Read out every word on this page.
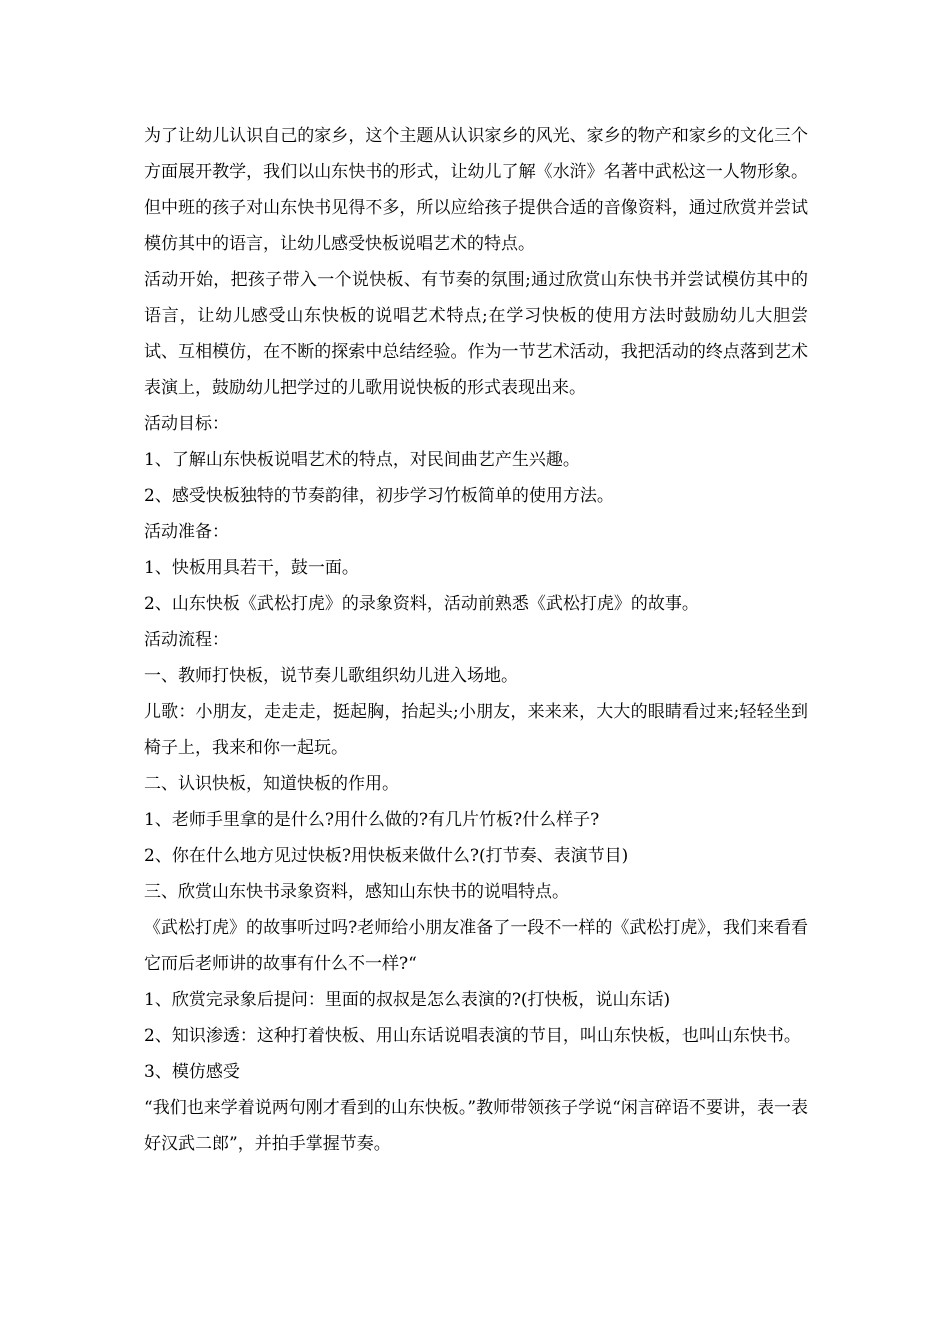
为了让幼儿认识自己的家乡，这个主题从认识家乡的风光、家乡的物产和家乡的文化三个方面展开教学，我们以山东快书的形式，让幼儿了解《水浒》名著中武松这一人物形象。但中班的孩子对山东快书见得不多，所以应给孩子提供合适的音像资料，通过欣赏并尝试模仿其中的语言，让幼儿感受快板说唱艺术的特点。

活动开始，把孩子带入一个说快板、有节奏的氛围;通过欣赏山东快书并尝试模仿其中的语言，让幼儿感受山东快板的说唱艺术特点;在学习快板的使用方法时鼓励幼儿大胆尝试、互相模仿，在不断的探索中总结经验。作为一节艺术活动，我把活动的终点落到艺术表演上，鼓励幼儿把学过的儿歌用说快板的形式表现出来。

活动目标：

1、了解山东快板说唱艺术的特点，对民间曲艺产生兴趣。

2、感受快板独特的节奏韵律，初步学习竹板简单的使用方法。

活动准备：

1、快板用具若干，鼓一面。

2、山东快板《武松打虎》的录象资料，活动前熟悉《武松打虎》的故事。

活动流程：

一、教师打快板，说节奏儿歌组织幼儿进入场地。

儿歌：小朋友，走走走，挺起胸，抬起头;小朋友，来来来，大大的眼睛看过来;轻轻坐到椅子上，我来和你一起玩。

二、认识快板，知道快板的作用。

1、老师手里拿的是什么?用什么做的?有几片竹板?什么样子?

2、你在什么地方见过快板?用快板来做什么?(打节奏、表演节目)

三、欣赏山东快书录象资料，感知山东快书的说唱特点。

《武松打虎》的故事听过吗?老师给小朋友准备了一段不一样的《武松打虎》，我们来看看它而后老师讲的故事有什么不一样?“

1、欣赏完录象后提问：里面的叔叔是怎么表演的?(打快板，说山东话)

2、知识渗透：这种打着快板、用山东话说唱表演的节目，叫山东快板，也叫山东快书。

3、模仿感受

“我们也来学着说两句刚才看到的山东快板。”教师带领孩子学说“闲言碎语不要讲，表一表好汉武二郎”，并拍手掌握节奏。
